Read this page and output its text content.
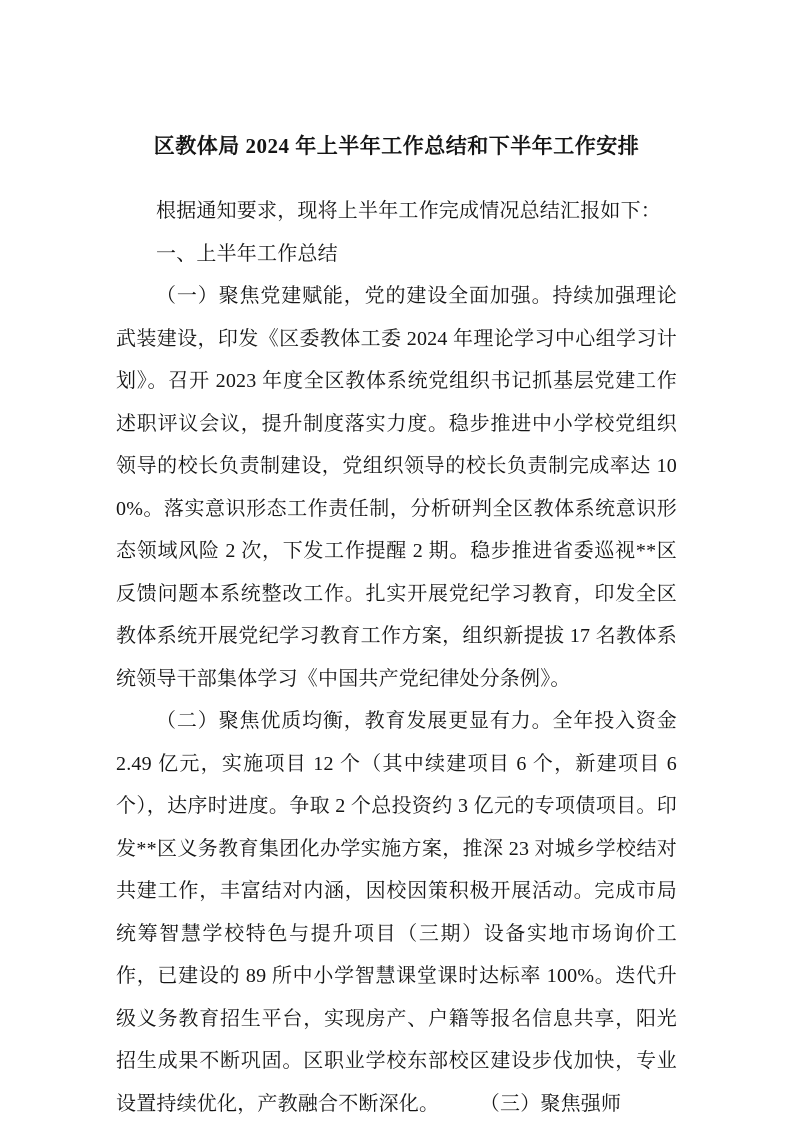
区教体局 2024 年上半年工作总结和下半年工作安排

根据通知要求，现将上半年工作完成情况总结汇报如下：

一、上半年工作总结

（一）聚焦党建赋能，党的建设全面加强。持续加强理论武装建设，印发《区委教体工委 2024 年理论学习中心组学习计划》。召开 2023 年度全区教体系统党组织书记抓基层党建工作述职评议会议，提升制度落实力度。稳步推进中小学校党组织领导的校长负责制建设，党组织领导的校长负责制完成率达 100%。落实意识形态工作责任制，分析研判全区教体系统意识形态领域风险 2 次，下发工作提醒 2 期。稳步推进省委巡视**区反馈问题本系统整改工作。扎实开展党纪学习教育，印发全区教体系统开展党纪学习教育工作方案，组织新提拔 17 名教体系统领导干部集体学习《中国共产党纪律处分条例》。

（二）聚焦优质均衡，教育发展更显有力。全年投入资金 2.49 亿元，实施项目 12 个（其中续建项目 6 个，新建项目 6 个），达序时进度。争取 2 个总投资约 3 亿元的专项债项目。印发**区义务教育集团化办学实施方案，推深 23 对城乡学校结对共建工作，丰富结对内涵，因校因策积极开展活动。完成市局统筹智慧学校特色与提升项目（三期）设备实地市场询价工作，已建设的 89 所中小学智慧课堂课时达标率 100%。迭代升级义务教育招生平台，实现房产、户籍等报名信息共享，阳光招生成果不断巩固。区职业学校东部校区建设步伐加快，专业设置持续优化，产教融合不断深化。　　　（三）聚焦强师
